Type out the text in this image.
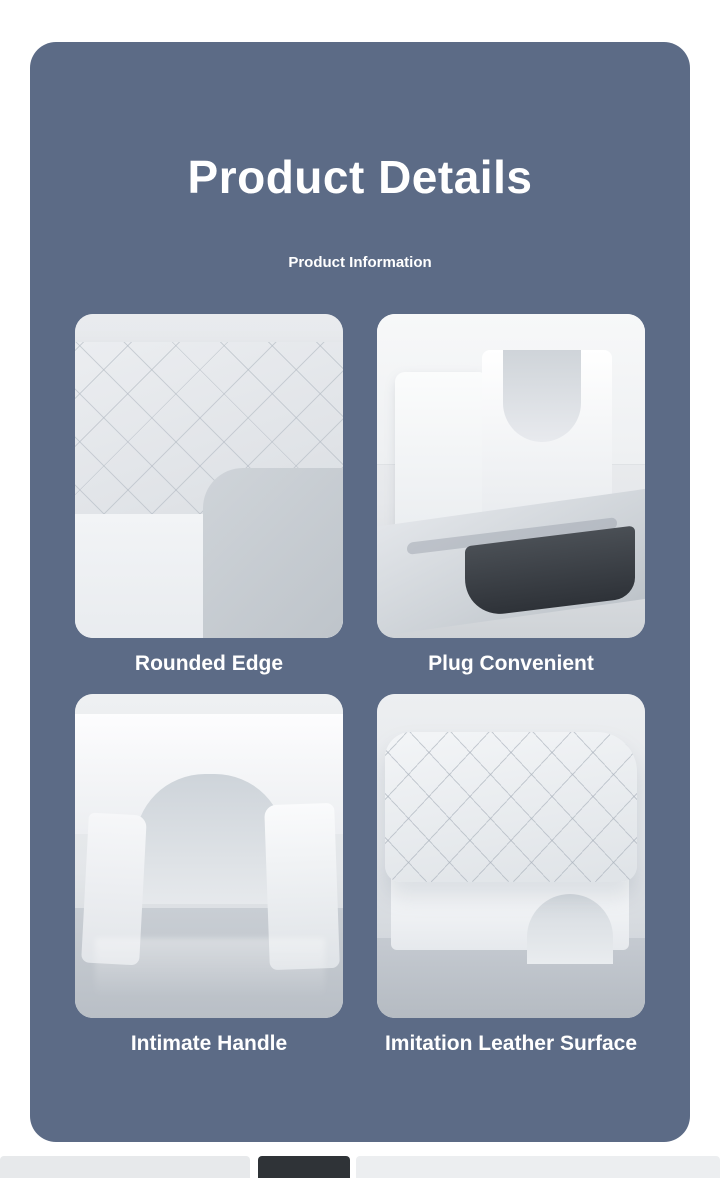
Product Details
Product Information
Rounded Edge	Plug Convenient
Intimate Handle	Imitation Leather Surface
